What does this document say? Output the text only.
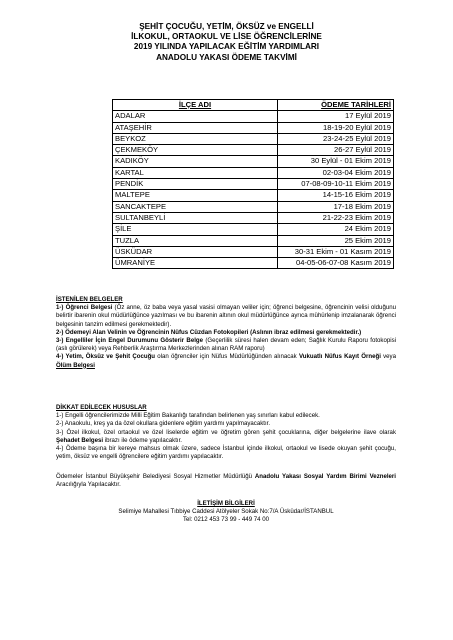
ŞEHİT ÇOCUĞU, YETİM, ÖKSÜZ ve ENGELLİ
İLKOKUL, ORTAOKUL VE LİSE ÖĞRENCİLERİNE
2019 YILINDA YAPILACAK EĞİTİM YARDIMLARI
ANADOLU YAKASI ÖDEME TAKVİMİ
İLÇE ADI	ÖDEME TARİHLERİ
ADALAR	17 Eylül 2019
ATAŞEHİR	18-19-20 Eylül 2019
BEYKOZ	23-24-25 Eylül 2019
ÇEKMEKÖY	26-27 Eylül 2019
KADIKÖY	30 Eylül - 01 Ekim 2019
KARTAL	02-03-04 Ekim 2019
PENDİK	07-08-09-10-11 Ekim 2019
MALTEPE	14-15-16 Ekim 2019
SANCAKTEPE	17-18 Ekim 2019
SULTANBEYLİ	21-22-23 Ekim 2019
ŞİLE	24 Ekim 2019
TUZLA	25 Ekim 2019
ÜSKÜDAR	30-31 Ekim - 01 Kasım 2019
ÜMRANİYE	04-05-06-07-08 Kasım 2019
İSTENİLEN BELGELER

1-) Öğrenci Belgesi (Öz anne, öz baba veya yasal vasisi olmayan veliler için; öğrenci belgesine, öğrencinin velisi olduğunu belirtir ibarenin okul müdürlüğünce yazılması ve bu ibarenin altının okul müdürlüğünce ayrıca mühürlenip imzalanarak öğrenci belgesinin tanzim edilmesi gerekmektedir).

2-) Ödemeyi Alan Velinin ve Öğrencinin Nüfus Cüzdan Fotokopileri (Aslının ibraz edilmesi gerekmektedir.)

3-) Engelliler İçin Engel Durumunu Gösterir Belge (Geçerlilik süresi halen devam eden; Sağlık Kurulu Raporu fotokopisi (aslı görülerek) veya Rehberlik Araştırma Merkezlerinden alınan RAM raporu)

4-) Yetim, Öksüz ve Şehit Çocuğu olan öğrenciler için Nüfus Müdürlüğünden alınacak Vukuatlı Nüfus Kayıt Örneği veya Ölüm Belgesi

DİKKAT EDİLECEK HUSUSLAR

1-) Engelli öğrencilerimizde Milli Eğitim Bakanlığı tarafından belirlenen yaş sınırları kabul edilecek.

2-) Anaokulu, kreş ya da özel okullara gidenlere eğitim yardımı yapılmayacaktır.

3-) Özel ilkokul, özel ortaokul ve özel liselerde eğitim ve öğretim gören şehit çocuklarına, diğer belgelerine ilave olarak Şehadet Belgesi ibrazı ile ödeme yapılacaktır.

4-) Ödeme başına bir kereye mahsus olmak üzere, sadece İstanbul içinde ilkokul, ortaokul ve lisede okuyan şehit çocuğu, yetim, öksüz ve engelli öğrencilere eğitim yardımı yapılacaktır.

Ödemeler İstanbul Büyükşehir Belediyesi Sosyal Hizmetler Müdürlüğü Anadolu Yakası Sosyal Yardım Birimi Vezneleri Aracılığıyla Yapılacaktır.
İLETİŞİM BİLGİLERİ
Selimiye Mahallesi Tıbbiye Caddesi Atölyeler Sokak No:7/A Üsküdar/İSTANBUL
Tel: 0212 453 73 99 - 449 74 00
